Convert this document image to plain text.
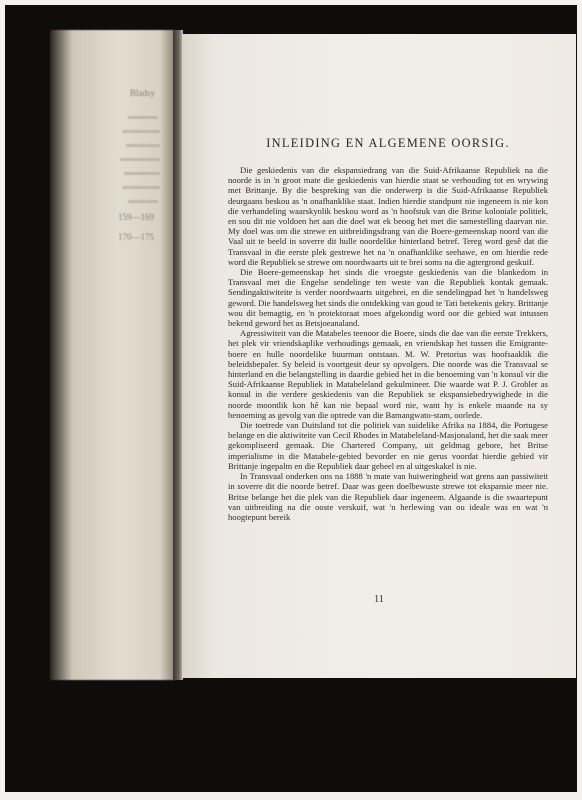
Bladsy
159—169
170—175
INLEIDING EN ALGEMENE OORSIG.

Die geskiedenis van die ekspansiedrang van die Suid-Afrikaanse Republiek na die noorde is in 'n groot mate die geskiedenis van hierdie staat se verhouding tot en wrywing met Brittanje. By die bespreking van die onderwerp is die Suid-Afrikaanse Republiek deurgaans beskou as 'n onafhanklike staat. Indien hierdie standpunt nie ingeneem is nie kon die verhandeling waarskynlik beskou word as 'n hoofstuk van die Britse koloniale politiek, en sou dit nie voldoen het aan die doel wat ek beoog het met die samestelling daarvan nie. My doel was om die strewe en uitbreidingsdrang van die Boere-gemeenskap noord van die Vaal uit te beeld in soverre dit hulle noordelike hinterland betref. Tereg word gesê dat die Transvaal in die eerste plek gestrewe het na 'n onafhanklike seehawe, en om hierdie rede word die Republiek se strewe om noordwaarts uit te brei soms na die agtergrond geskuif.

Die Boere-gemeenskap het sinds die vroegste geskiedenis van die blankedom in Transvaal met die Engelse sendelinge ten weste van die Republiek kontak gemaak. Sendingaktiwiteite is verder noordwaarts uitgebrei, en die sendelingpad het 'n handelsweg geword. Die handelsweg het sinds die ontdekking van goud te Tati betekenis gekry. Brittanje wou dit bemagtig, en 'n protektoraat moes afgekondig word oor die gebied wat intussen bekend geword het as Betsjoeanaland.

Agressiwiteit van die Matabeles teenoor die Boere, sinds die dae van die eerste Trekkers, het plek vir vriendskaplike verhoudings gemaak, en vriendskap het tussen die Emigrante-boere en hulle noordelike buurman ontstaan. M. W. Pretorius was hoofsaaklik die beleidsbepaler. Sy beleid is voortgesit deur sy opvolgers. Die noorde was die Transvaal se hinterland en die belangstelling in daardie gebied het in die benoeming van 'n konsul vir die Suid-Afrikaanse Republiek in Matabeleland gekulmineer. Die waarde wat P. J. Grobler as konsul in die verdere geskiedenis van die Republiek se ekspansiebedrywighede in die noorde moontlik kon hê kan nie bepaal word nie, want hy is enkele maande na sy benoeming as gevolg van die optrede van die Bamangwato-stam, oorlede.

Die toetrede van Duitsland tot die politiek van suidelike Afrika na 1884, die Portugese belange en die aktiwiteite van Cecil Rhodes in Matabeleland-Masjonaland, het die saak meer gekompliseerd gemaak. Die Chartered Company, uit geldmag gebore, het Britse imperialisme in die Matabele-gebied bevorder en nie gerus voordat hierdie gebied vir Brittanje ingepalm en die Republiek daar geheel en al uitgeskakel is nie.

In Transvaal onderken ons na 1888 'n mate van huiweringheid wat grens aan passiwiteit in soverre dit die noorde betref. Daar was geen doelbewuste strewe tot ekspansie meer nie. Britse belange het die plek van die Republiek daar ingeneem. Algaande is die swaartepunt van uitbreiding na die ooste verskuif, wat 'n herlewing van ou ideale was en wat 'n hoogtepunt bereik

11
